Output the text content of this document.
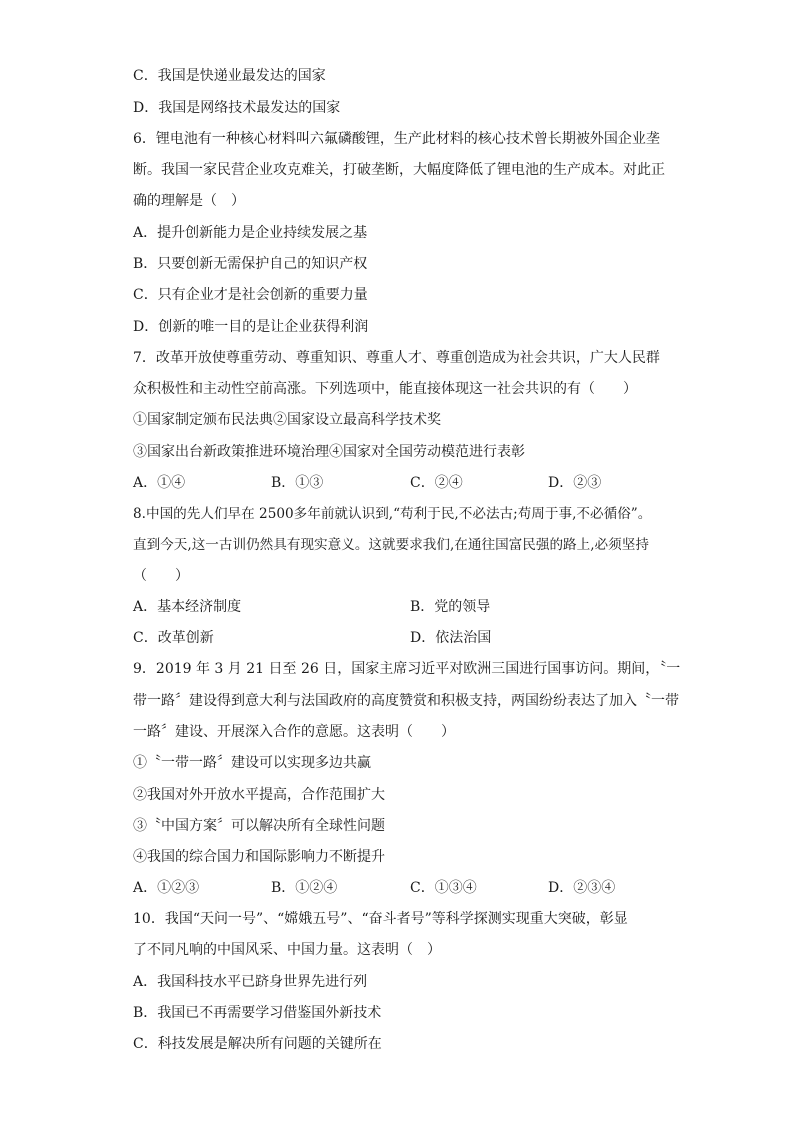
C．我国是快递业最发达的国家
D．我国是网络技术最发达的国家
6．锂电池有一种核心材料叫六氟磷酸锂，生产此材料的核心技术曾长期被外国企业垄
断。我国一家民营企业攻克难关，打破垄断，大幅度降低了锂电池的生产成本。对此正
确的理解是（　）
A．提升创新能力是企业持续发展之基
B．只要创新无需保护自己的知识产权
C．只有企业才是社会创新的重要力量
D．创新的唯一目的是让企业获得利润
7．改革开放使尊重劳动、尊重知识、尊重人才、尊重创造成为社会共识，广大人民群
众积极性和主动性空前高涨。下列选项中，能直接体现这一社会共识的有（　　）
①国家制定颁布民法典②国家设立最高科学技术奖
③国家出台新政策推进环境治理④国家对全国劳动模范进行表彰
A．①④	B．①③	C．②④	D．②③
8.中国的先人们早在 2500多年前就认识到,“苟利于民,不必法古;苟周于事,不必循俗”。
直到今天,这一古训仍然具有现实意义。这就要求我们,在通往国富民强的路上,必须坚持
（　　）
A．基本经济制度	B．党的领导
C．改革创新	D．依法治国
9．2019 年 3 月 21 日至 26 日，国家主席习近平对欧洲三国进行国事访问。期间，〝一
带一路〞建设得到意大利与法国政府的高度赞赏和积极支持，两国纷纷表达了加入〝一带
一路〞建设、开展深入合作的意愿。这表明（　　）
①〝一带一路〞建设可以实现多边共赢
②我国对外开放水平提高，合作范围扩大
③〝中国方案〞可以解决所有全球性问题
④我国的综合国力和国际影响力不断提升
A．①②③	B．①②④	C．①③④	D．②③④
10．我国“天问一号”、“嫦娥五号”、“奋斗者号”等科学探测实现重大突破，彰显
了不同凡响的中国风采、中国力量。这表明（　）
A．我国科技水平已跻身世界先进行列
B．我国已不再需要学习借鉴国外新技术
C．科技发展是解决所有问题的关键所在
